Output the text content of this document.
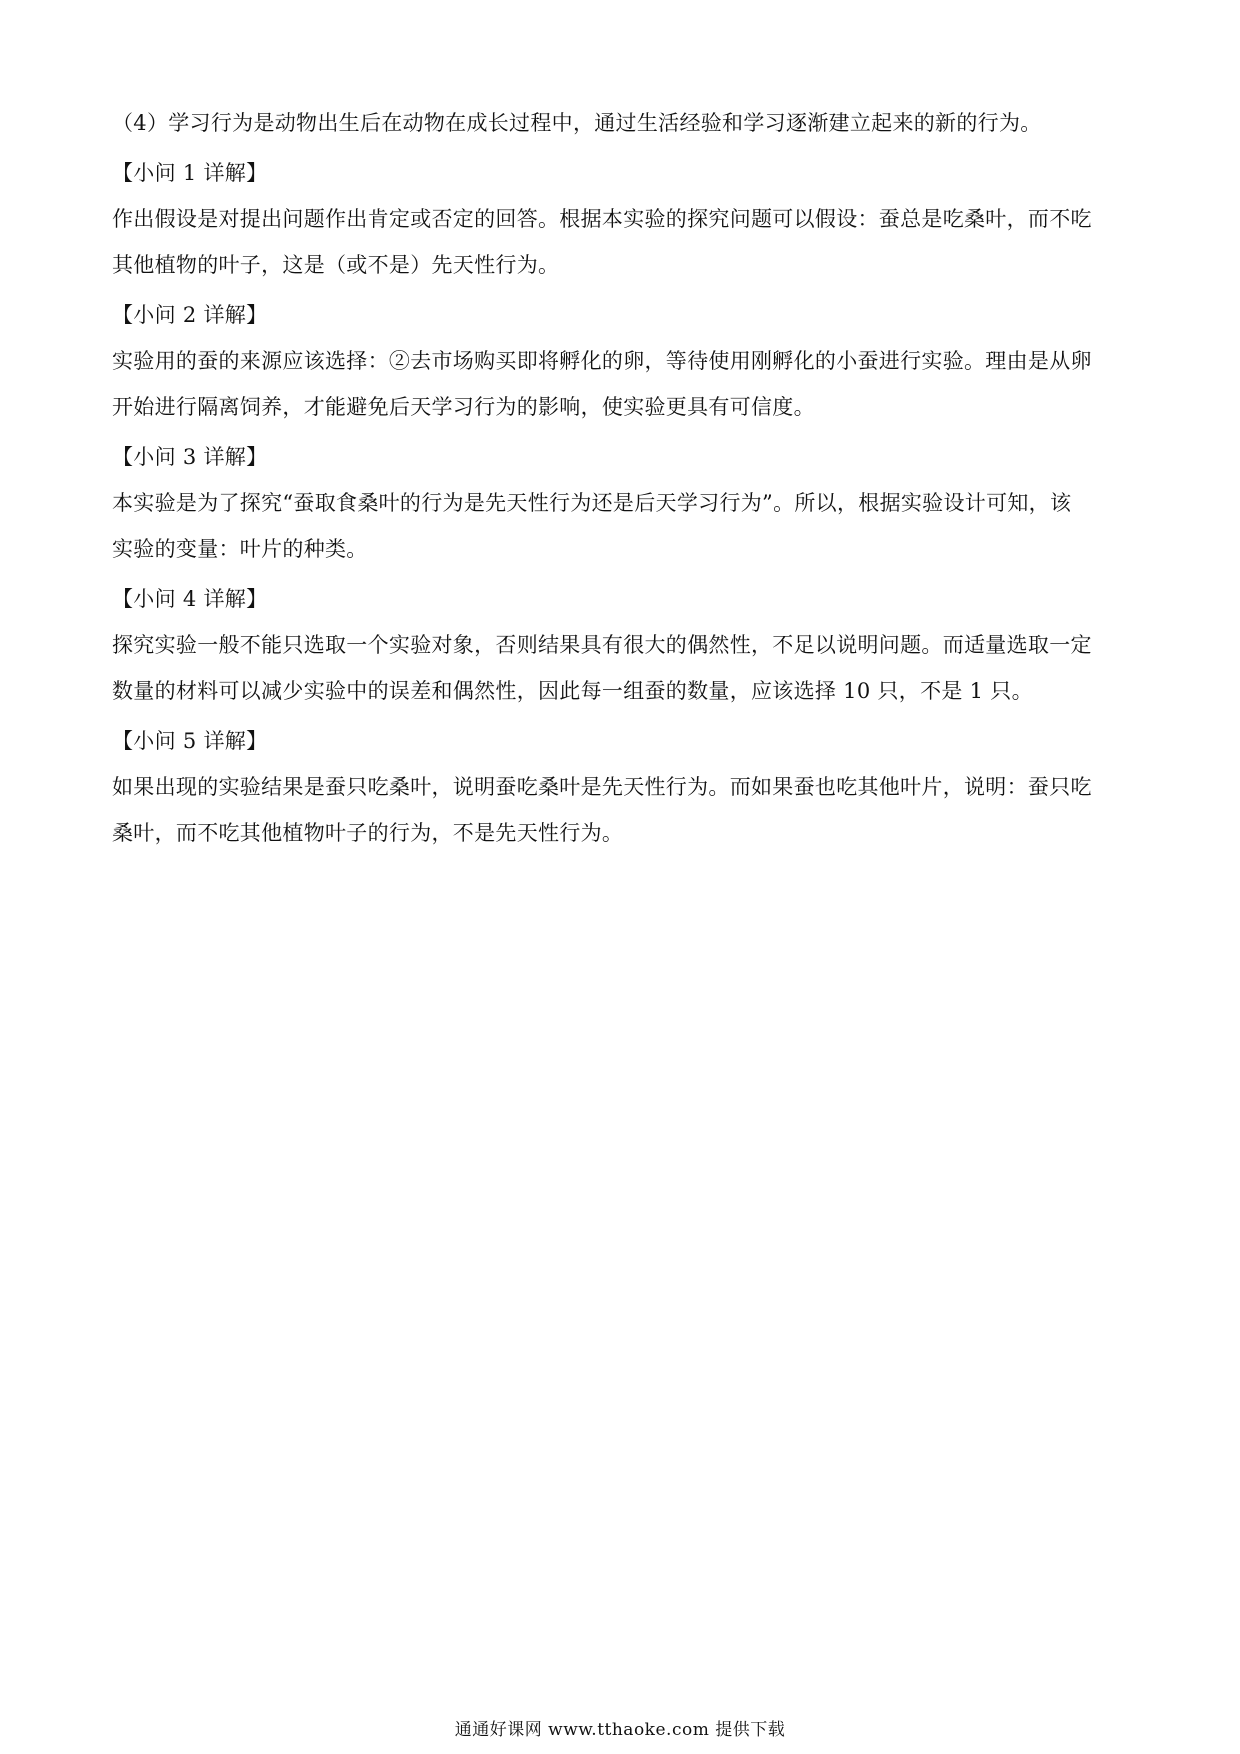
（4）学习行为是动物出生后在动物在成长过程中，通过生活经验和学习逐渐建立起来的新的行为。
【小问 1 详解】
作出假设是对提出问题作出肯定或否定的回答。根据本实验的探究问题可以假设：蚕总是吃桑叶，而不吃
其他植物的叶子，这是（或不是）先天性行为。
【小问 2 详解】
实验用的蚕的来源应该选择：②去市场购买即将孵化的卵，等待使用刚孵化的小蚕进行实验。理由是从卵
开始进行隔离饲养，才能避免后天学习行为的影响，使实验更具有可信度。
【小问 3 详解】
本实验是为了探究“蚕取食桑叶的行为是先天性行为还是后天学习行为”。所以，根据实验设计可知，该
实验的变量：叶片的种类。
【小问 4 详解】
探究实验一般不能只选取一个实验对象，否则结果具有很大的偶然性，不足以说明问题。而适量选取一定
数量的材料可以减少实验中的误差和偶然性，因此每一组蚕的数量，应该选择 10 只，不是 1 只。
【小问 5 详解】
如果出现的实验结果是蚕只吃桑叶，说明蚕吃桑叶是先天性行为。而如果蚕也吃其他叶片，说明：蚕只吃
桑叶，而不吃其他植物叶子的行为，不是先天性行为。
通通好课网 www.tthaoke.com 提供下载
